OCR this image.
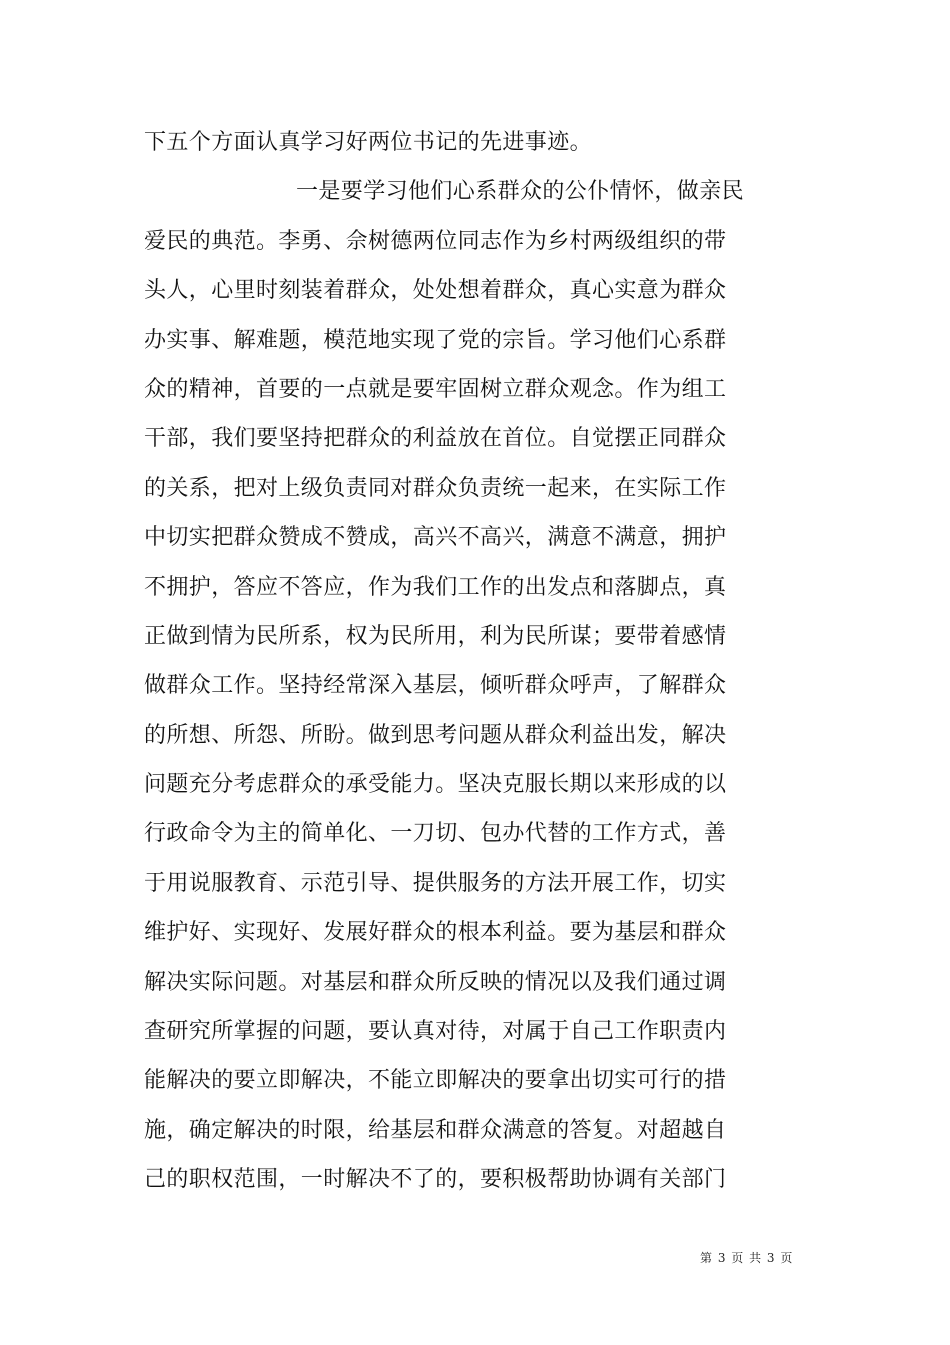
下五个方面认真学习好两位书记的先进事迹。
一是要学习他们心系群众的公仆情怀，做亲民
爱民的典范。李勇、佘树德两位同志作为乡村两级组织的带
头人，心里时刻装着群众，处处想着群众，真心实意为群众
办实事、解难题，模范地实现了党的宗旨。学习他们心系群
众的精神，首要的一点就是要牢固树立群众观念。作为组工
干部，我们要坚持把群众的利益放在首位。自觉摆正同群众
的关系，把对上级负责同对群众负责统一起来，在实际工作
中切实把群众赞成不赞成，高兴不高兴，满意不满意，拥护
不拥护，答应不答应，作为我们工作的出发点和落脚点，真
正做到情为民所系，权为民所用，利为民所谋；要带着感情
做群众工作。坚持经常深入基层，倾听群众呼声，了解群众
的所想、所怨、所盼。做到思考问题从群众利益出发，解决
问题充分考虑群众的承受能力。坚决克服长期以来形成的以
行政命令为主的简单化、一刀切、包办代替的工作方式，善
于用说服教育、示范引导、提供服务的方法开展工作，切实
维护好、实现好、发展好群众的根本利益。要为基层和群众
解决实际问题。对基层和群众所反映的情况以及我们通过调
查研究所掌握的问题，要认真对待，对属于自己工作职责内
能解决的要立即解决，不能立即解决的要拿出切实可行的措
施，确定解决的时限，给基层和群众满意的答复。对超越自
己的职权范围，一时解决不了的，要积极帮助协调有关部门
第 3 页 共 3 页
